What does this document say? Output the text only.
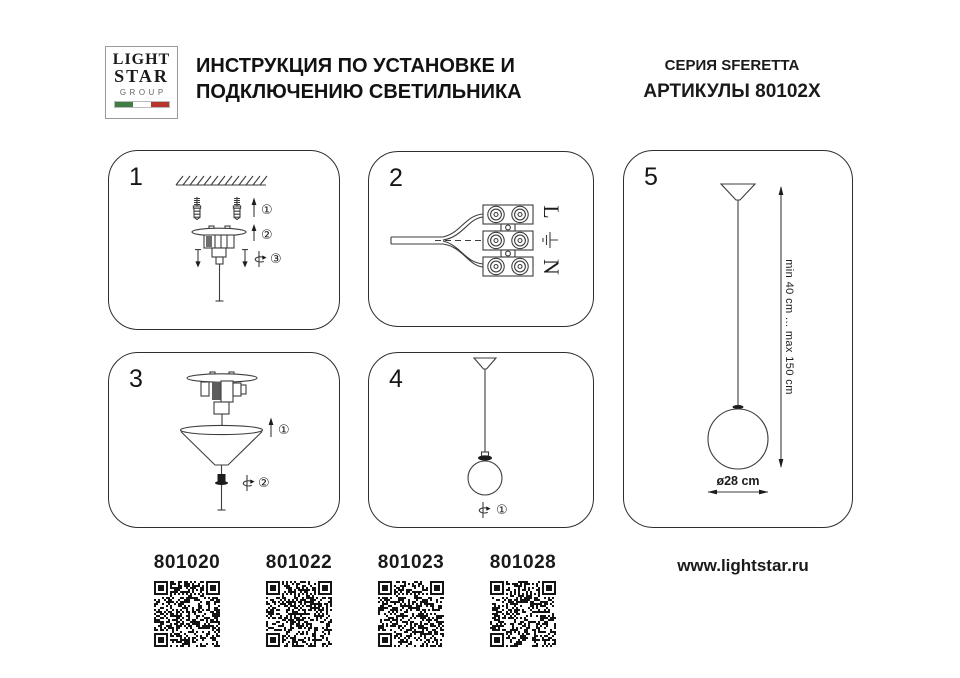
LIGHT
STAR
GROUP
ИНСТРУКЦИЯ ПО УСТАНОВКЕ И
ПОДКЛЮЧЕНИЮ СВЕТИЛЬНИКА
СЕРИЯ SFERETTA
АРТИКУЛЫ 80102X
1
①
②
③
2
L
N
3
①
②
4
①
5
min 40 cm ... max 150 cm
ø28 cm
801020	801022	801023	801028	www.lightstar.ru
